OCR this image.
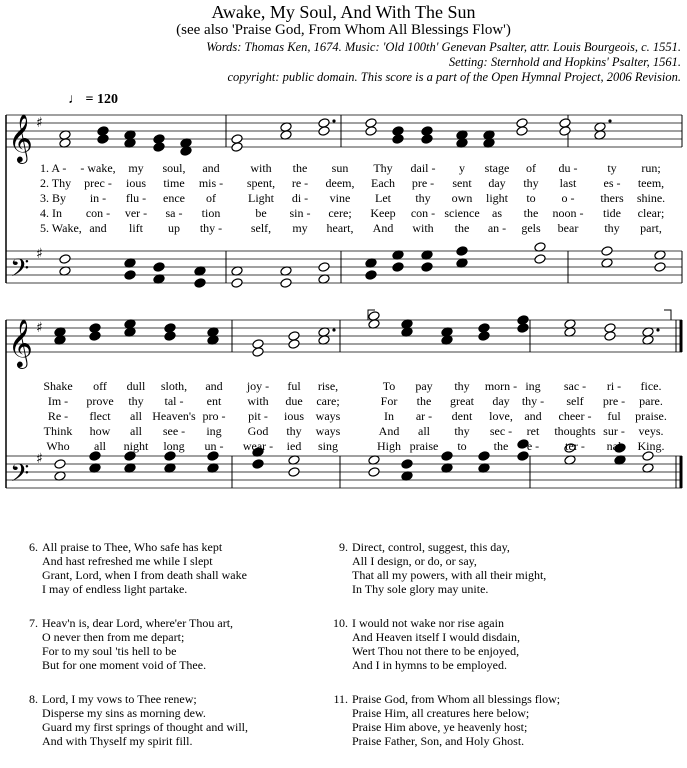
Awake, My Soul, And With The Sun
(see also 'Praise God, From Whom All Blessings Flow')
Words: Thomas Ken, 1674. Music: 'Old 100th' Genevan Psalter, attr. Louis Bourgeois, c. 1551.
Setting: Sternhold and Hopkins' Psalter, 1561.
copyright: public domain. This score is a part of the Open Hymnal Project, 2006 Revision.
♩ = 120
𝄞
𝄢
♯
♯
1. A - - wake, my soul, and	with the sun Thy dail - y stage of du - ty run;
2. Thy prec - ious time mis - spent, re - deem, Each pre - sent day thy last es - teem,
3. By in - flu - ence of	Light di - vine Let thy own light to o - thers shine.
4. In con - ver - sa - tion	be sin - cere; Keep con - science as the noon - tide clear;
5. Wake, and lift up thy - self, my heart, And with the an - gels bear thy part,
𝄞
𝄢
♯
♯
Shake off dull sloth, and joy - ful rise,	To pay thy morn - ing sac - ri - fice.
Im - prove thy tal - ent with due care;	For the great day thy - self pre - pare.
Re - flect all Heaven's pro - pit - ious ways	In ar - dent love, and cheer - ful praise.
Think how all see - ing God thy ways	And all thy sec - ret thoughts sur - veys.
Who all night long un - wear - ied sing	High praise to the e - ter - nal King.
6. All praise to Thee, Who safe has kept
And hast refreshed me while I slept
Grant, Lord, when I from death shall wake
I may of endless light partake.
7. Heav'n is, dear Lord, where'er Thou art,
O never then from me depart;
For to my soul 'tis hell to be
But for one moment void of Thee.
8. Lord, I my vows to Thee renew;
Disperse my sins as morning dew.
Guard my first springs of thought and will,
And with Thyself my spirit fill.
9. Direct, control, suggest, this day,
All I design, or do, or say,
That all my powers, with all their might,
In Thy sole glory may unite.
10. I would not wake nor rise again
And Heaven itself I would disdain,
Wert Thou not there to be enjoyed,
And I in hymns to be employed.
11. Praise God, from Whom all blessings flow;
Praise Him, all creatures here below;
Praise Him above, ye heavenly host;
Praise Father, Son, and Holy Ghost.
